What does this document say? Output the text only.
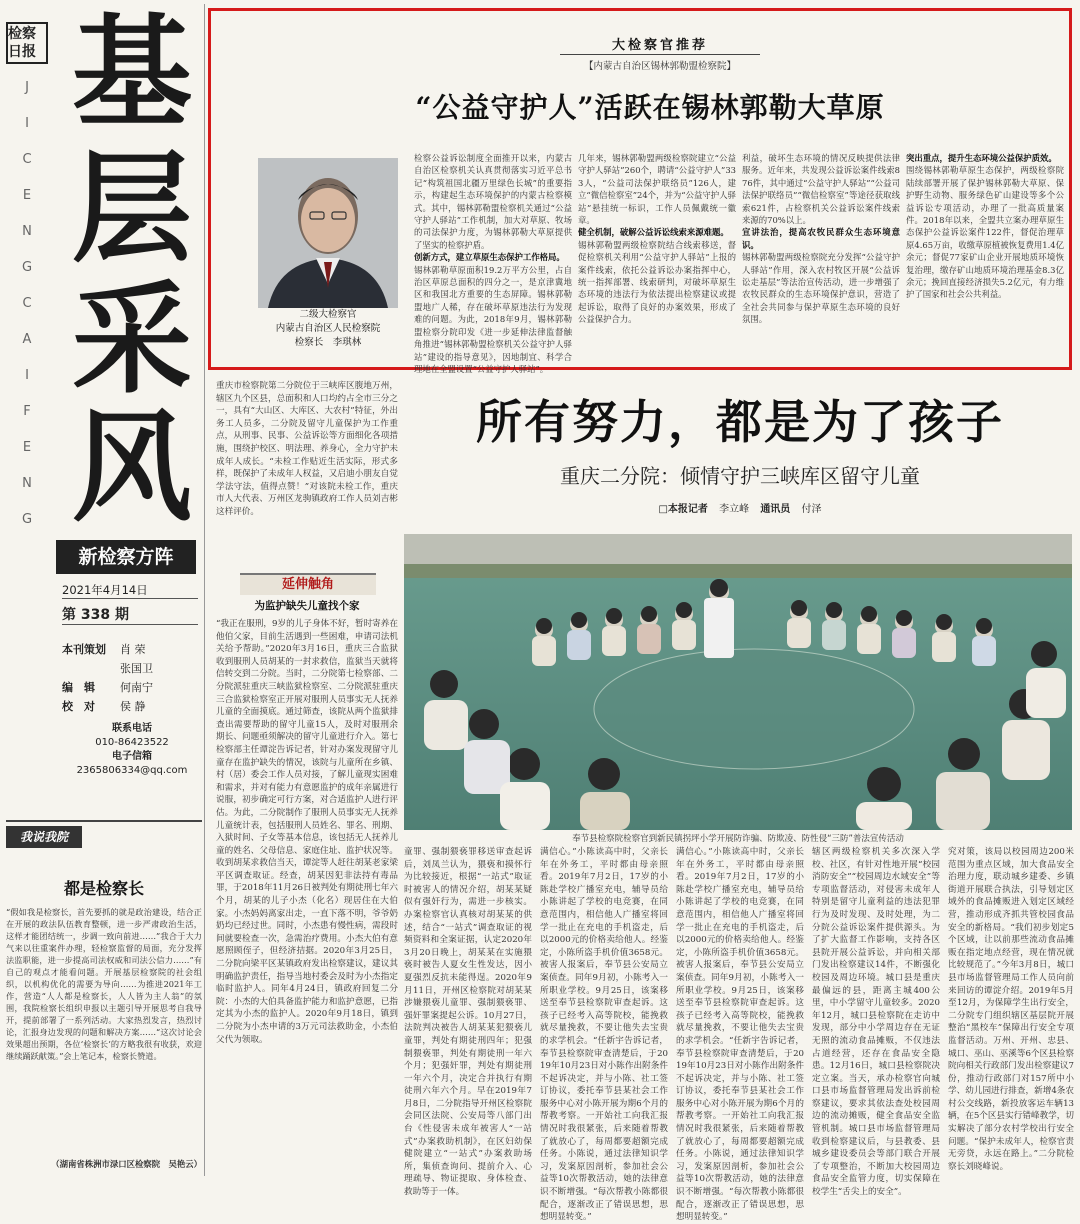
检察日报 基
层
采
风
J
I
C
E
N
G
C
A
I
F
E
N
G
新检察方阵
2021年4月14日
第 338 期
本刊策划 肖 荣
张国卫
编　辑 何南宁
校　对 侯 静
联系电话
010-86423522
电子信箱
2365806334@qq.com
我说我院
都是检察长
“假如我是检察长，首先要抓的就是政治建设，结合正在开展的政法队伍教育整顿，进一步严肃政治生活，这样才能团结统一，步调一致向前进……”我合于大力气来以往重案件办理，轻检察监督的局面，充分发挥法监职能，进一步提高司法权威和司法公信力……”有自己的观点才能看问题。开展基层检察院的社会组织，以机构优化的需要为导向……为推进2021年工作，营造“人人都是检察长，人人皆为主人翁”的氛围，我院检察长组织申报以主题引导开展思考自我导开，提前部署了一系列活动。大家热烈发言，热烈讨论，汇报身边发现的问题和解决方案……“这次讨论会效果超出预期，各位‘检察长’的方略我很有收获，欢迎继续踊跃献策。”会上笔记本，检察长赞道。
（湖南省株洲市渌口区检察院　吴艳云）
大检察官推荐
【内蒙古自治区锡林郭勒盟检察院】
“公益守护人”活跃在锡林郭勒大草原
二级大检察官
内蒙古自治区人民检察院
检察长　李琪林
检察公益诉讼制度全面推开以来，内蒙古自治区检察机关认真贯彻落实习近平总书记“构筑祖国北疆万里绿色长城”的重要指示，构建起生态环境保护的内蒙古检察模式。其中，锡林郭勒盟检察机关通过“公益守护人驿站”工作机制，加大对草原、牧场的司法保护力度，为锡林郭勒大草原提供了坚实的检察护盾。
创新方式，建立草原生态保护工作格局。
锡林郭勒草原面积19.2万平方公里，占自治区草原总面积的四分之一，是京津冀地区和我国北方重要的生态屏障。锡林郭勒盟地广人稀，存在破坏草原违法行为发现难的问题。为此，2018年9月，锡林郭勒盟检察分院印发《进一步延伸法律监督触角推进“锡林郭勒盟检察机关公益守护人驿站”建设的指导意见》，因地制宜、科学合理地在全盟设置“公益守护人驿站”。
几年来，锡林郭勒盟两级检察院建立“公益守护人驿站”260个，聘请“公益守护人”333人，“公益司法保护联络员”126人，建立“微信检察室”24个，并为“公益守护人驿站”悬挂统一标识，工作人员佩戴统一徽章。
健全机制，破解公益诉讼线索来源难题。
锡林郭勒盟两级检察院结合线索移送，督促检察机关利用“公益守护人驿站”上报的案件线索，依托公益诉讼办案指挥中心，统一指挥部署、线索研判，对破坏草原生态环境的违法行为依法提出检察建议或提起诉讼，取得了良好的办案效果，形成了公益保护合力。
利益，破坏生态环境的情况反映提供法律服务。近年来，共发现公益诉讼案件线索876件，其中通过“公益守护人驿站”“公益司法保护联络员”“微信检察室”等途径获取线索621件，占检察机关公益诉讼案件线索来源的70%以上。
宣讲法治，提高农牧民群众生态环境意识。
锡林郭勒盟两级检察院充分发挥“公益守护人驿站”作用，深入农村牧区开展“公益诉讼走基层”等法治宣传活动，进一步增强了农牧民群众的生态环境保护意识，营造了全社会共同参与保护草原生态环境的良好氛围。
突出重点，提升生态环境公益保护质效。
围绕锡林郭勒草原生态保护，两级检察院陆续部署开展了保护锡林郭勒大草原、保护野生动物、服务绿色矿山建设等多个公益诉讼专项活动，办理了一批高质量案件。2018年以来，全盟共立案办理草原生态保护公益诉讼案件122件，督促治理草原4.65万亩，收缴草原植被恢复费用1.4亿余元；督促77家矿山企业开展地质环境恢复治理，缴存矿山地质环境治理基金8.3亿余元；挽回直接经济损失5.2亿元，有力维护了国家和社会公共利益。
重庆市检察院第二分院位于三峡库区腹地万州，辖区九个区县，总面积和人口均约占全市三分之一，具有“大山区、大库区、大农村”特征，外出务工人员多，二分院及留守儿童保护为工作重点，从刑事、民事、公益诉讼等方面细化各项措施，围绕护校区、明法理、养身心，全力守护未成年人成长。“未检工作贴近生活实际，形式多样，既保护了未成年人权益，又启迪小朋友自觉学法守法，值得点赞！”对该院未检工作，重庆市人大代表、万州区龙驹镇政府工作人员刘吉彬这样评价。
所有努力，都是为了孩子
重庆二分院：倾情守护三峡库区留守儿童
□本报记者 李立峰 通讯员 付泽
延伸触角
为监护缺失儿童找个家
“我正在服刑，9岁的儿子身体不好，暂时寄养在他伯父家，目前生活遇到一些困难，申请司法机关给予帮助。”2020年3月16日，重庆三合监狱收到服刑人员胡某的一封求救信，监狱当天就将信转交到二分院。当时，二分院第七检察部、二分院派驻重庆三峡监狱检察室、二分院派驻重庆三合监狱检察室正开展对服刑人员事实无人抚养儿童的全面摸底。通过筛查，该院从两个监狱排查出需要帮助的留守儿童15人，及时对服刑余期长、问题亟须解决的留守儿童进行介入。第七检察部主任谭淀告诉记者，针对办案发现留守儿童存在监护缺失的情况，该院与儿童所在乡镇、村（居）委会工作人员对接，了解儿童现实困难和需求，并对有能力有意愿监护的成年亲属进行说服，初步确定可行方案，对合适监护人进行评估。为此，二分院制作了服刑人员事实无人抚养儿童统计表，包括服刑人员姓名、罪名、刑期、入狱时间、子女等基本信息，该包括无人抚养儿童的姓名、父母信息、家庭住址、监护状况等。收到胡某求救信当天，谭淀等人赶往胡某老家梁平区调查取证。经查，胡某因犯非法持有毒品罪，于2018年11月26日被判处有期徒刑七年六个月，胡某的儿子小杰（化名）现居住在大伯家。小杰妈妈离家出走，一直下落不明，爷爷奶奶均已经过世。同时，小杰患有慢性病，需段时间就要检查一次，急需治疗费用。小杰大伯有意愿照顾侄子，但经济拮据。2020年3月25日，二分院向梁平区某镇政府发出检察建议，建议其明确监护责任，指导当地村委会及时为小杰指定临时监护人。同年4月24日，镇政府回复二分院：小杰的大伯具备监护能力和监护意愿，已指定其为小杰的监护人。2020年9月18日，镇到二分院为小杰申请的3万元司法救助金，小杰伯父代为领取。
奉节县检察院检察官到新民镇拐坪小学开展防诈骗、防欺凌、防性侵“三防”普法宣传活动
童罪、强制猥亵罪移送审查起诉后，刘凤兰认为，猥亵和摸怀行为比较接近，根据“一站式”取证时被害人的情况介绍，胡某某疑似有强奸行为，需进一步核实。办案检察官认真核对胡某某的供述，结合“一站式”调查取证的视频资料和全案证据，认定2020年3月20日晚上，胡某某在实施猥亵时被告人夏女生性发达，因小夏强烈反抗未能得逞。2020年9月11日，开州区检察院对胡某某涉嫌猥亵儿童罪、强制猥亵罪、强奸罪案提起公诉。10月27日，法院判决被告人胡某某犯猥亵儿童罪，判处有期徒刑四年；犯强制猥亵罪，判处有期徒刑一年六个月；犯强奸罪，判处有期徒刑一年六个月，决定合并执行有期徒刑六年六个月。早在2019年7月8日，二分院指导开州区检察院会同区法院、公安局等八部门出台《性侵害未成年被害人“一站式”办案救助机制》，在区妇幼保健院建立“一站式”办案救助场所，集侦查询问、提前介入、心理疏导、物证提取、身体检查、救助等于一体。
满信心。”小陈读高中时，父亲长年在外务工，平时都由母亲照看。2019年7月2日，17岁的小陈赴学校广播室充电，辅导员给小陈讲起了学校的电竞赛，在同意范围内，相信他人广播室将回学一批止在充电的手机盗走，后以2000元的价格卖给他人。经鉴定，小陈所盗手机价值3658元。被害人报案后，奉节县公安局立案侦查。同年9月初，小陈考入一所职业学校。9月25日，该案移送至奉节县检察院审查起诉。这孩子已经考入高等院校，能挽救就尽量挽救，不要让他失去宝贵的求学机会。“任新宇告诉记者，奉节县检察院审查清楚后，于2019年10月23日对小陈作出附条件不起诉决定，并与小陈、社工签订协议，委托奉节县某社会工作服务中心对小陈开展为期6个月的帮教考察。一开始社工向我汇报情况时我很紧张，后来随着帮教了就放心了，每周都要超额完成任务。小陈说，通过法律知识学习，发案原因剖析，参加社会公益等10次帮教活动，她的法律意识不断增强。“每次帮教小陈都很配合，逐渐改正了错误思想，思想明显转变。”
满信心。”小陈读高中时，父亲长年在外务工，平时都由母亲照看。2019年7月2日，17岁的小陈赴学校广播室充电，辅导员给小陈讲起了学校的电竞赛，在同意范围内，相信他人广播室将回学一批止在充电的手机盗走，后以2000元的价格卖给他人。经鉴定，小陈所盗手机价值3658元。被害人报案后，奉节县公安局立案侦查。同年9月初，小陈考入一所职业学校。9月25日，该案移送至奉节县检察院审查起诉。这孩子已经考入高等院校，能挽救就尽量挽救，不要让他失去宝贵的求学机会。“任新宇告诉记者，奉节县检察院审查清楚后，于2019年10月23日对小陈作出附条件不起诉决定，并与小陈、社工签订协议，委托奉节县某社会工作服务中心对小陈开展为期6个月的帮教考察。一开始社工向我汇报情况时我很紧张，后来随着帮教了就放心了，每周都要超额完成任务。小陈说，通过法律知识学习，发案原因剖析，参加社会公益等10次帮教活动，她的法律意识不断增强。“每次帮教小陈都很配合，逐渐改正了错误思想，思想明显转变。”
辖区两级检察机关多次深入学校、社区，有针对性地开展“校园消防安全”“校园周边水域安全”等专项监督活动，对侵害未成年人特别是留守儿童利益的违法犯罪行为及时发现、及时处理，为二分院公益诉讼案件提供源头。为了扩大监督工作影响，支持各区县院开展公益诉讼，并向相关部门发出检察建议14件，不断强化校园及周边环境。城口县是重庆最偏远的县，距离主城400公里，中小学留守儿童较多。2020年12月，城口县检察院在走访中发现，部分中小学周边存在无证无照的流动食品摊贩，不仅违法占道经营，还存在食品安全隐患。12月16日，城口县检察院决定立案。当天，承办检察官向城口县市场监督管理局发出诉前检察建议，要求其依法查处校园周边的流动摊贩，健全食品安全监管机制。城口县市场监督管理局收到检察建议后，与县教委、县城乡建设委员会等部门联合开展了专项整治，不断加大校园周边食品安全监管力度，切实保障在校学生“舌尖上的安全”。
究对策，该局以校园周边200米范围为重点区域，加大食品安全治理力度，联动城乡建委、乡镇街道开展联合执法，引导划定区域外的食品摊贩进入划定区域经营，推动形成齐抓共管校园食品安全的新格局。“我们初步划定5个区域，让以前那些流动食品摊贩在指定地点经营，现在情况就比较规范了。”今年3月8日，城口县市场监督管理局工作人员向前来回访的谭淀介绍。2019年5月至12月，为保障学生出行安全，二分院专门组织辖区基层院开展整治“黑校车”保障出行安全专项监督活动。万州、开州、忠县、城口、巫山、巫溪等6个区县检察院向相关行政部门发出检察建议7份，推动行政部门对157所中小学、幼儿园进行排查，新增4条农村公交线路，新投放客运车辆13辆，在5个区县实行错峰教学，切实解决了部分农村学校出行安全问题。“保护未成年人，检察官责无旁贷，永远在路上。”二分院检察长刘晓峰说。
